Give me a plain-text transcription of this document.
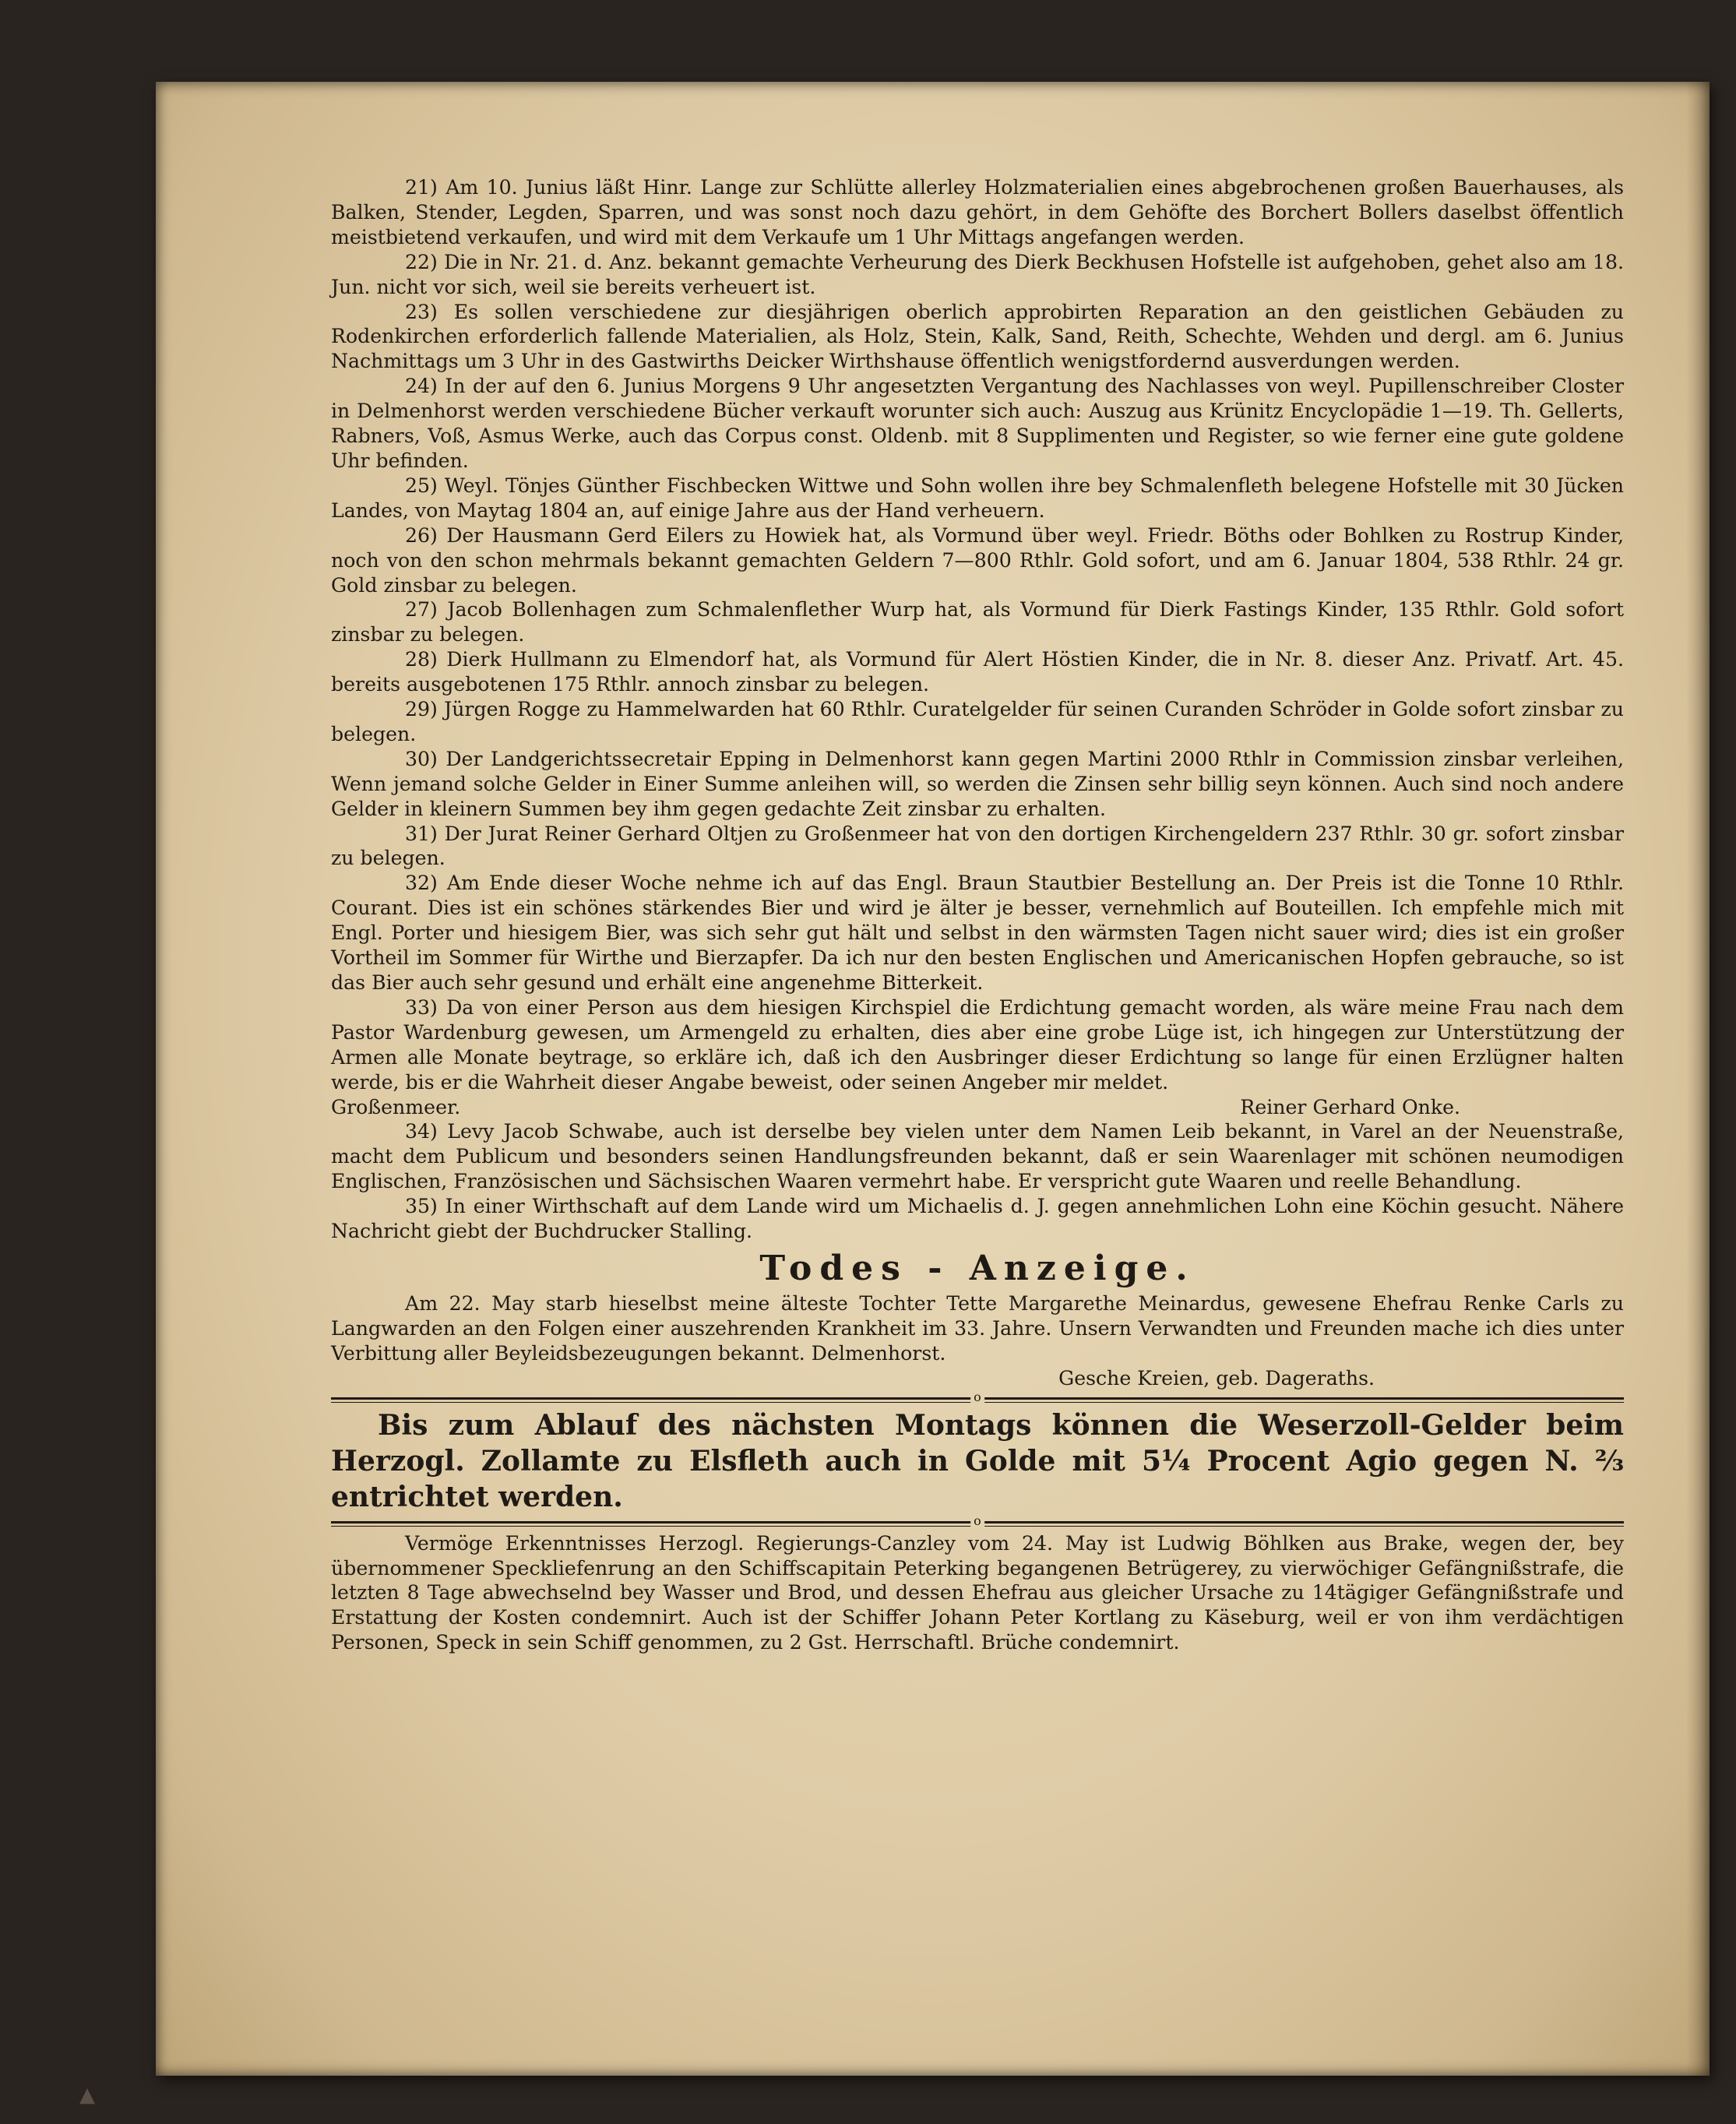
21) Am 10. Junius läßt Hinr. Lange zur Schlütte allerley Holzmaterialien eines abgebrochenen großen Bauerhauses, als Balken, Stender, Legden, Sparren, und was sonst noch dazu gehört, in dem Gehöfte des Borchert Bollers daselbst öffentlich meistbietend verkaufen, und wird mit dem Verkaufe um 1 Uhr Mittags angefangen werden.

22) Die in Nr. 21. d. Anz. bekannt gemachte Verheurung des Dierk Beckhusen Hofstelle ist aufgehoben, gehet also am 18. Jun. nicht vor sich, weil sie bereits verheuert ist.

23) Es sollen verschiedene zur diesjährigen oberlich approbirten Reparation an den geistlichen Gebäuden zu Rodenkirchen erforderlich fallende Materialien, als Holz, Stein, Kalk, Sand, Reith, Schechte, Wehden und dergl. am 6. Junius Nachmittags um 3 Uhr in des Gastwirths Deicker Wirthshause öffentlich wenigstfordernd ausverdungen werden.

24) In der auf den 6. Junius Morgens 9 Uhr angesetzten Vergantung des Nachlasses von weyl. Pupillenschreiber Closter in Delmenhorst werden verschiedene Bücher verkauft worunter sich auch: Auszug aus Krünitz Encyclopädie 1—19. Th. Gellerts, Rabners, Voß, Asmus Werke, auch das Corpus const. Oldenb. mit 8 Supplimenten und Register, so wie ferner eine gute goldene Uhr befinden.

25) Weyl. Tönjes Günther Fischbecken Wittwe und Sohn wollen ihre bey Schmalenfleth belegene Hofstelle mit 30 Jücken Landes, von Maytag 1804 an, auf einige Jahre aus der Hand verheuern.

26) Der Hausmann Gerd Eilers zu Howiek hat, als Vormund über weyl. Friedr. Böths oder Bohlken zu Rostrup Kinder, noch von den schon mehrmals bekannt gemachten Geldern 7—800 Rthlr. Gold sofort, und am 6. Januar 1804, 538 Rthlr. 24 gr. Gold zinsbar zu belegen.

27) Jacob Bollenhagen zum Schmalenflether Wurp hat, als Vormund für Dierk Fastings Kinder, 135 Rthlr. Gold sofort zinsbar zu belegen.

28) Dierk Hullmann zu Elmendorf hat, als Vormund für Alert Höstien Kinder, die in Nr. 8. dieser Anz. Privatf. Art. 45. bereits ausgebotenen 175 Rthlr. annoch zinsbar zu belegen.

29) Jürgen Rogge zu Hammelwarden hat 60 Rthlr. Curatelgelder für seinen Curanden Schröder in Golde sofort zinsbar zu belegen.

30) Der Landgerichtssecretair Epping in Delmenhorst kann gegen Martini 2000 Rthlr in Commission zinsbar verleihen, Wenn jemand solche Gelder in Einer Summe anleihen will, so werden die Zinsen sehr billig seyn können. Auch sind noch andere Gelder in kleinern Summen bey ihm gegen gedachte Zeit zinsbar zu erhalten.

31) Der Jurat Reiner Gerhard Oltjen zu Großenmeer hat von den dortigen Kirchengeldern 237 Rthlr. 30 gr. sofort zinsbar zu belegen.

32) Am Ende dieser Woche nehme ich auf das Engl. Braun Stautbier Bestellung an. Der Preis ist die Tonne 10 Rthlr. Courant. Dies ist ein schönes stärkendes Bier und wird je älter je besser, vernehmlich auf Bouteillen. Ich empfehle mich mit Engl. Porter und hiesigem Bier, was sich sehr gut hält und selbst in den wärmsten Tagen nicht sauer wird; dies ist ein großer Vortheil im Sommer für Wirthe und Bierzapfer. Da ich nur den besten Englischen und Americanischen Hopfen gebrauche, so ist das Bier auch sehr gesund und erhält eine angenehme Bitterkeit.

33) Da von einer Person aus dem hiesigen Kirchspiel die Erdichtung gemacht worden, als wäre meine Frau nach dem Pastor Wardenburg gewesen, um Armengeld zu erhalten, dies aber eine grobe Lüge ist, ich hingegen zur Unterstützung der Armen alle Monate beytrage, so erkläre ich, daß ich den Ausbringer dieser Erdichtung so lange für einen Erzlügner halten werde, bis er die Wahrheit dieser Angabe beweist, oder seinen Angeber mir meldet.

Großenmeer.	Reiner Gerhard Onke.

34) Levy Jacob Schwabe, auch ist derselbe bey vielen unter dem Namen Leib bekannt, in Varel an der Neuenstraße, macht dem Publicum und besonders seinen Handlungsfreunden bekannt, daß er sein Waarenlager mit schönen neumodigen Englischen, Französischen und Sächsischen Waaren vermehrt habe. Er verspricht gute Waaren und reelle Behandlung.

35) In einer Wirthschaft auf dem Lande wird um Michaelis d. J. gegen annehmlichen Lohn eine Köchin gesucht. Nähere Nachricht giebt der Buchdrucker Stalling.

Todes - Anzeige.

Am 22. May starb hieselbst meine älteste Tochter Tette Margarethe Meinardus, gewesene Ehefrau Renke Carls zu Langwarden an den Folgen einer auszehrenden Krankheit im 33. Jahre. Unsern Verwandten und Freunden mache ich dies unter Verbittung aller Beyleidsbezeugungen bekannt. Delmenhorst.

Gesche Kreien, geb. Dageraths.
o

Bis zum Ablauf des nächsten Montags können die Weserzoll-Gelder beim Herzogl. Zollamte zu Elsfleth auch in Golde mit 5¼ Procent Agio gegen N. ⅔ entrichtet werden.

o

Vermöge Erkenntnisses Herzogl. Regierungs-Canzley vom 24. May ist Ludwig Böhlken aus Brake, wegen der, bey übernommener Speckliefenrung an den Schiffscapitain Peterking begangenen Betrügerey, zu vierwöchiger Gefängnißstrafe, die letzten 8 Tage abwechselnd bey Wasser und Brod, und dessen Ehefrau aus gleicher Ursache zu 14tägiger Gefängnißstrafe und Erstattung der Kosten condemnirt. Auch ist der Schiffer Johann Peter Kortlang zu Käseburg, weil er von ihm verdächtigen Personen, Speck in sein Schiff genommen, zu 2 Gst. Herrschaftl. Brüche condemnirt.

▲
